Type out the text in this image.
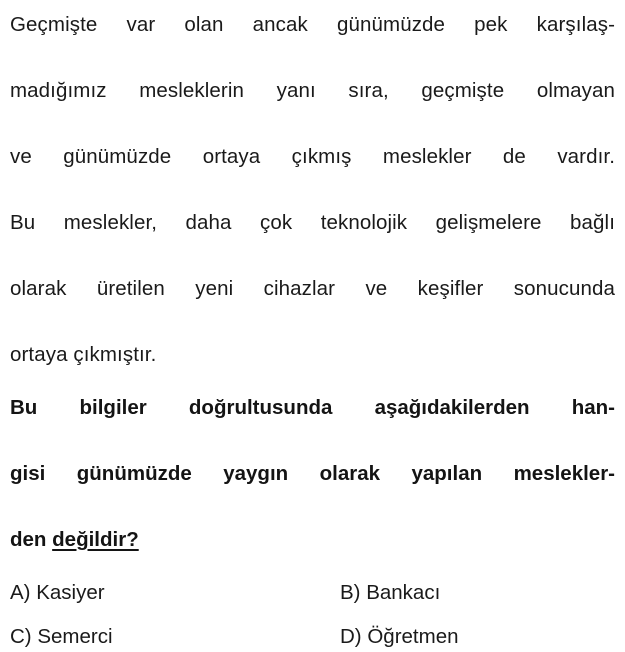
Geçmişte var olan ancak günümüzde pek karşılaş-
madığımız mesleklerin yanı sıra, geçmişte olmayan
ve günümüzde ortaya çıkmış meslekler de vardır.
Bu meslekler, daha çok teknolojik gelişmelere bağlı
olarak üretilen yeni cihazlar ve keşifler sonucunda
ortaya çıkmıştır.

Bu bilgiler doğrultusunda aşağıdakilerden han-
gisi günümüzde yaygın olarak yapılan meslekler-
den değildir?
A) Kasiyer	B) Bankacı
C) Semerci	D) Öğretmen
